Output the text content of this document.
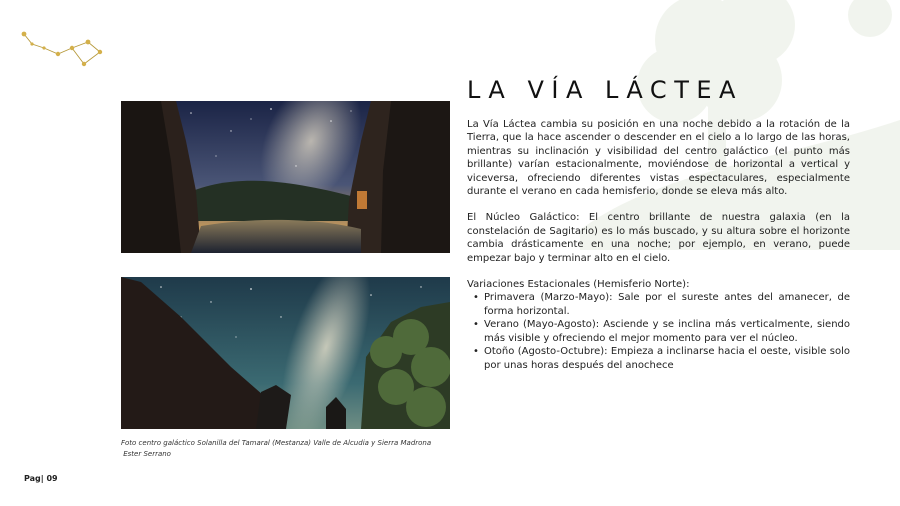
Foto centro galáctico Solanilla del Tamaral (Mestanza) Valle de Alcudia y Sierra Madrona
Ester Serrano
Pag| 09
LA VÍA LÁCTEA

La Vía Láctea cambia su posición en una noche debido a la rotación de la Tierra, que la hace ascender o descender en el cielo a lo largo de las horas, mientras su inclinación y visibilidad del centro galáctico (el punto más brillante) varían estacionalmente, moviéndose de horizontal a vertical y viceversa, ofreciendo diferentes vistas espectaculares, especialmente durante el verano en cada hemisferio, donde se eleva más alto.

El Núcleo Galáctico: El centro brillante de nuestra galaxia (en la constelación de Sagitario) es lo más buscado, y su altura sobre el horizonte cambia drásticamente en una noche; por ejemplo, en verano, puede empezar bajo y terminar alto en el cielo.

Variaciones Estacionales (Hemisferio Norte):
• Primavera (Marzo-Mayo): Sale por el sureste antes del amanecer, de forma horizontal.
• Verano (Mayo-Agosto): Asciende y se inclina más verticalmente, siendo más visible y ofreciendo el mejor momento para ver el núcleo.
• Otoño (Agosto-Octubre): Empieza a inclinarse hacia el oeste, visible solo por unas horas después del anochece
